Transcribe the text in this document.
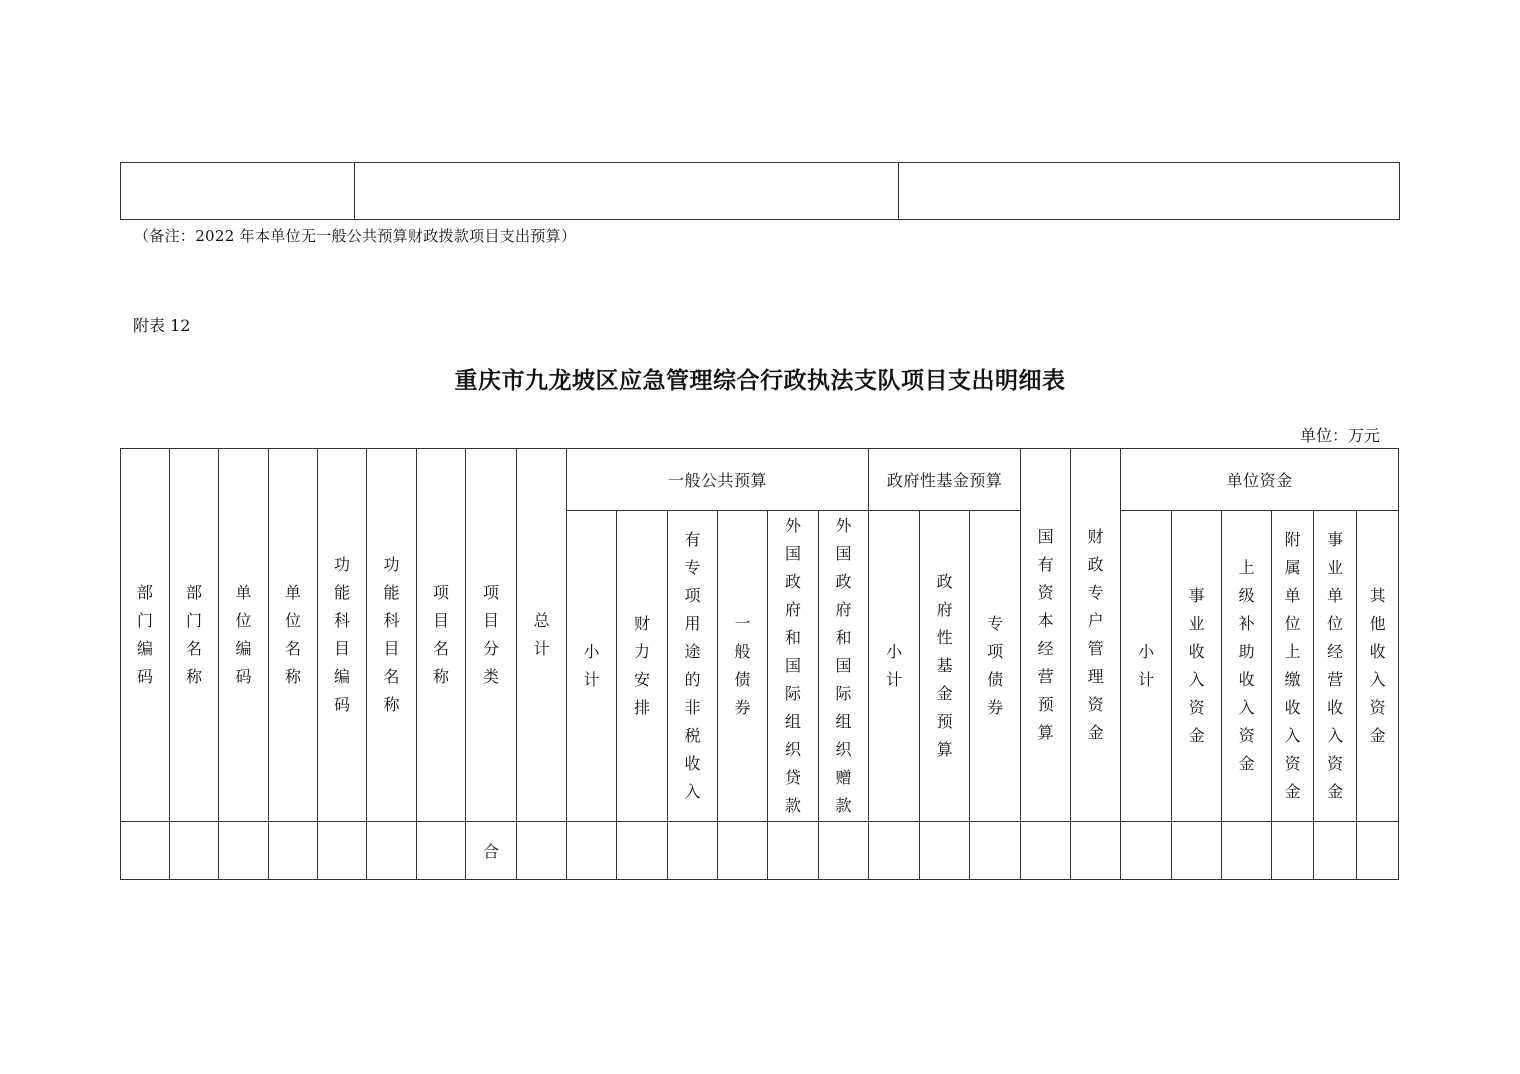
（备注：2022 年本单位无一般公共预算财政拨款项目支出预算）
附表 12
重庆市九龙坡区应急管理综合行政执法支队项目支出明细表
单位：万元
部门编码	部门名称	单位编码	单位名称	功能科目编码	功能科目名称	项目名称	项目分类	总计	一般公共预算						政府性基金预算			国有资本经营预算	财政专户管理资金	单位资金					
									小计	财力安排	有专项用途的非税收入	一般债券	外国政府和国际组织贷款	外国政府和国际组织赠款	小计	政府性基金预算	专项债券			小计	事业收入资金	上级补助收入资金	附属单位上缴收入资金	事业单位经营收入资金	其他收入资金
							合																		
